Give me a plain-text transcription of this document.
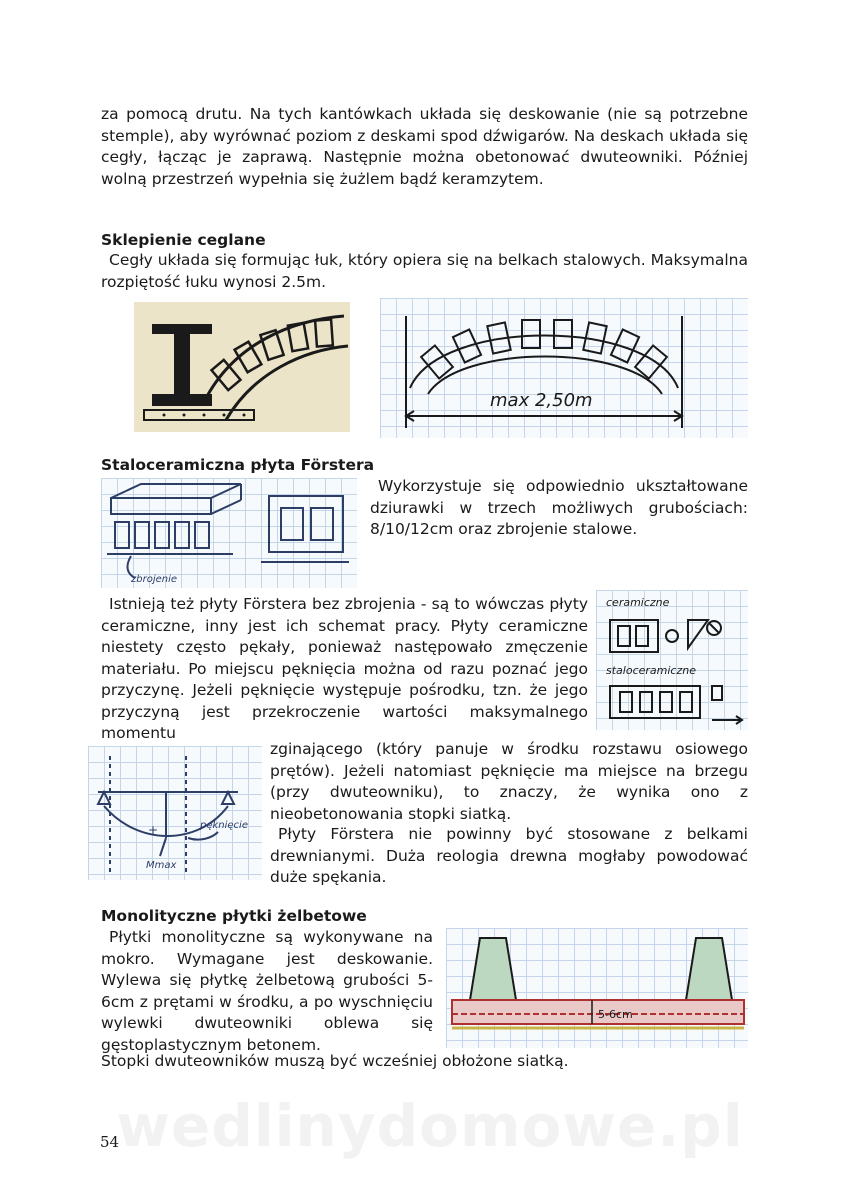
za pomocą drutu. Na tych kantówkach układa się deskowanie (nie są potrzebne stemple), aby wyrównać poziom z deskami spod dźwigarów. Na deskach układa się cegły, łącząc je zaprawą. Następnie można obetonować dwuteowniki. Później wolną przestrzeń wypełnia się żużlem bądź keramzytem.

Sklepienie ceglane

Cegły układa się formując łuk, który opiera się na belkach stalowych. Maksymalna rozpiętość łuku wynosi 2.5m.

max 2,50m
Staloceramiczna płyta Förstera
zbrojenie

Wykorzystuje się odpowiednio ukształtowane dziurawki w trzech możliwych grubościach: 8/10/12cm oraz zbrojenie stalowe.

Istnieją też płyty Förstera bez zbrojenia - są to wówczas płyty ceramiczne, inny jest ich schemat pracy. Płyty ceramiczne niestety często pękały, ponieważ następowało zmęczenie materiału. Po miejscu pęknięcia można od razu poznać jego przyczynę. Jeżeli pęknięcie występuje pośrodku, tzn. że jego przyczyną jest przekroczenie wartości maksymalnego momentu

ceramiczne
staloceramiczne
+
Mmax
pęknięcie

zginającego (który panuje w środku rozstawu osiowego prętów). Jeżeli natomiast pęknięcie ma miejsce na brzegu (przy dwuteowniku), to znaczy, że wynika ono z nieobetonowania stopki siatką.

Płyty Förstera nie powinny być stosowane z belkami drewnianymi. Duża reologia drewna mogłaby powodować duże spękania.

Monolityczne płytki żelbetowe

Płytki monolityczne są wykonywane na mokro. Wymagane jest deskowanie. Wylewa się płytkę żelbetową grubości 5-6cm z prętami w środku, a po wyschnięciu wylewki dwuteowniki oblewa się gęstoplastycznym betonem.

5-6cm

Stopki dwuteowników muszą być wcześniej obłożone siatką.

wedlinydomowe.pl
54
